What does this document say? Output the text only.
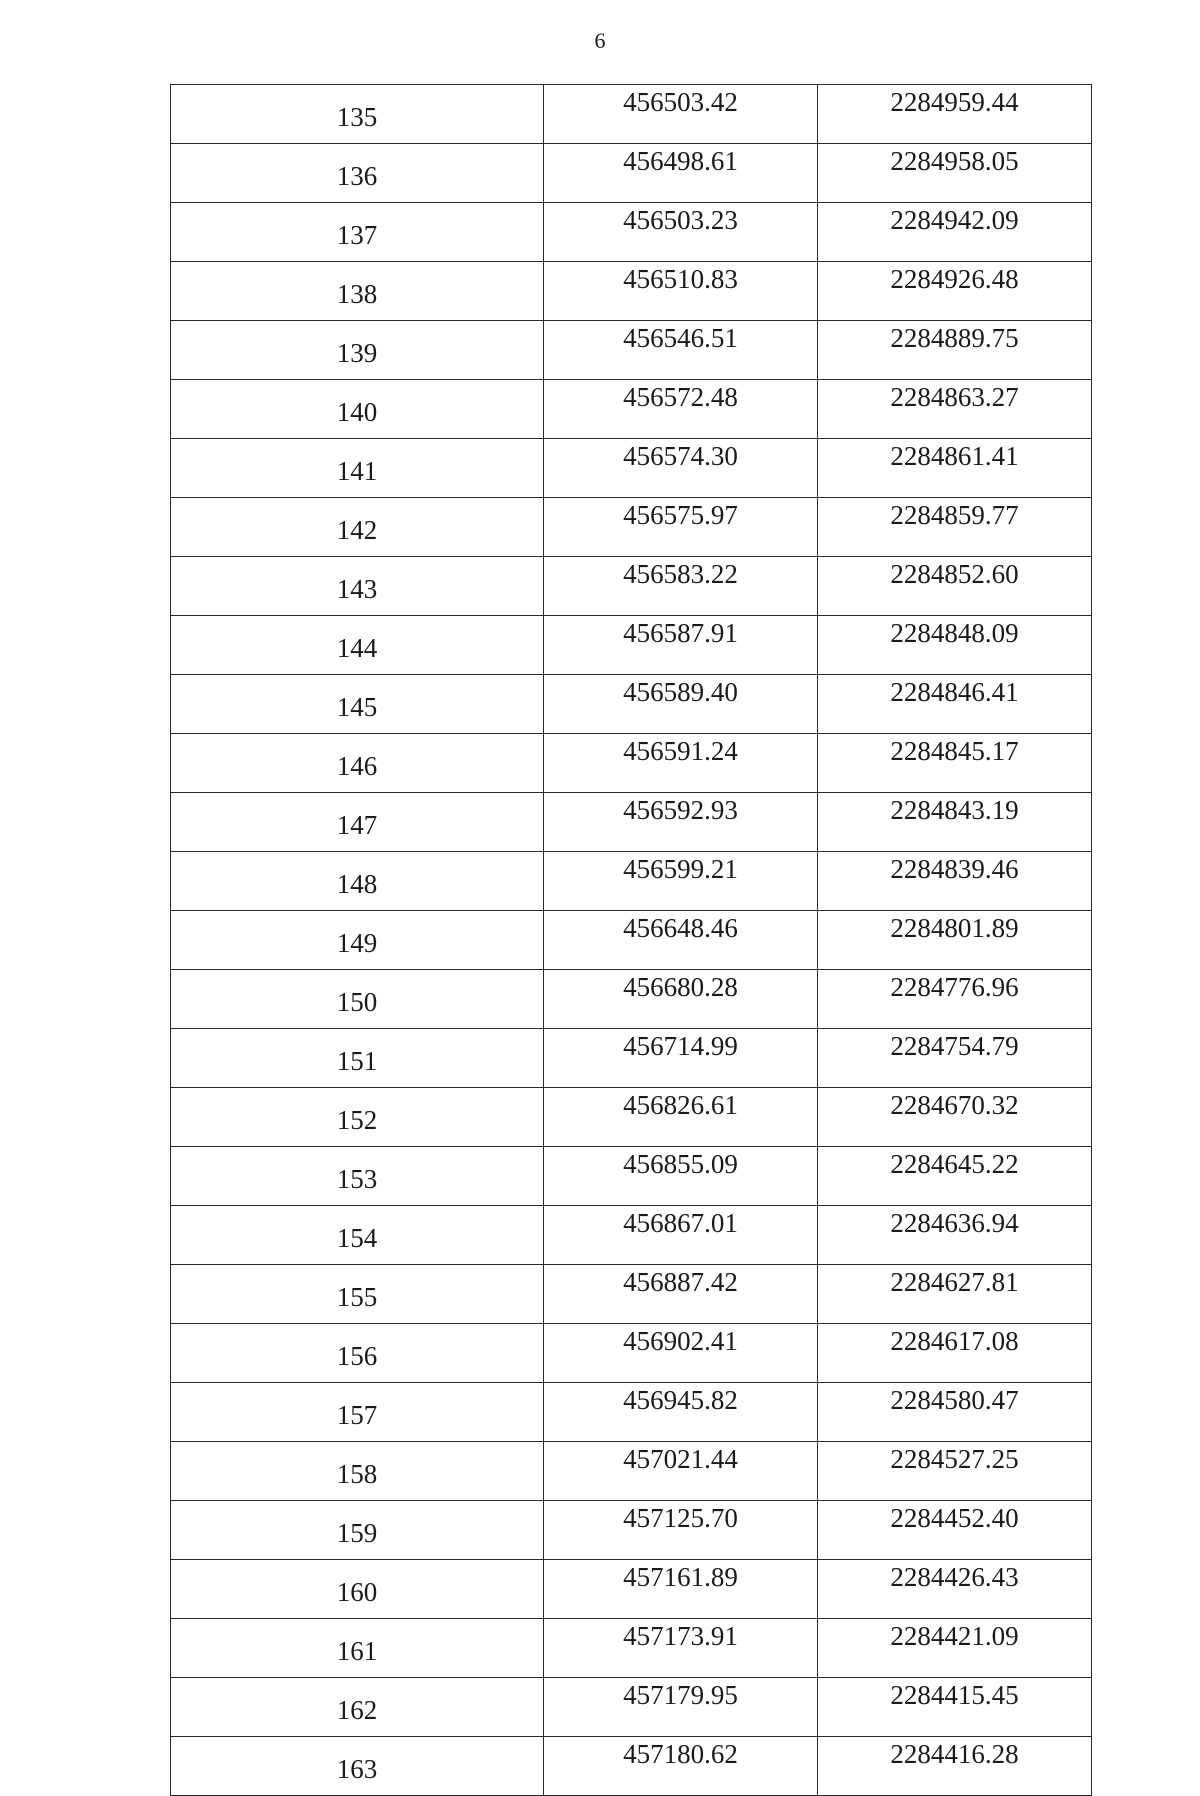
6
135	456503.42	2284959.44
136	456498.61	2284958.05
137	456503.23	2284942.09
138	456510.83	2284926.48
139	456546.51	2284889.75
140	456572.48	2284863.27
141	456574.30	2284861.41
142	456575.97	2284859.77
143	456583.22	2284852.60
144	456587.91	2284848.09
145	456589.40	2284846.41
146	456591.24	2284845.17
147	456592.93	2284843.19
148	456599.21	2284839.46
149	456648.46	2284801.89
150	456680.28	2284776.96
151	456714.99	2284754.79
152	456826.61	2284670.32
153	456855.09	2284645.22
154	456867.01	2284636.94
155	456887.42	2284627.81
156	456902.41	2284617.08
157	456945.82	2284580.47
158	457021.44	2284527.25
159	457125.70	2284452.40
160	457161.89	2284426.43
161	457173.91	2284421.09
162	457179.95	2284415.45
163	457180.62	2284416.28
